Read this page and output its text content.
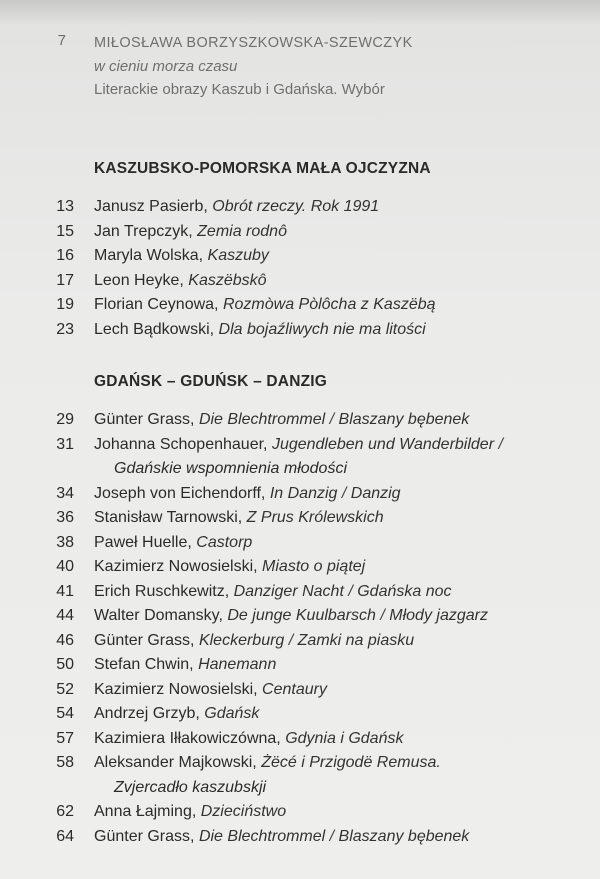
7 MIŁOSŁAWA BORZYSZKOWSKA-SZEWCZYK
w cieniu morza czasu
Literackie obrazy Kaszub i Gdańska. Wybór
KASZUBSKO-POMORSKA MAŁA OJCZYZNA
13 Janusz Pasierb, Obrót rzeczy. Rok 1991
15 Jan Trepczyk, Zemia rodnô
16 Maryla Wolska, Kaszuby
17 Leon Heyke, Kaszëbskô
19 Florian Ceynowa, Rozmòwa Pòlôcha z Kaszëbą
23 Lech Bądkowski, Dla bojaźliwych nie ma litości
GDAŃSK – GDUŃSK – DANZIG
29 Günter Grass, Die Blechtrommel / Blaszany bębenek
31 Johanna Schopenhauer, Jugendleben und Wanderbilder /
Gdańskie wspomnienia młodości
34 Joseph von Eichendorff, In Danzig / Danzig
36 Stanisław Tarnowski, Z Prus Królewskich
38 Paweł Huelle, Castorp
40 Kazimierz Nowosielski, Miasto o piątej
41 Erich Ruschkewitz, Danziger Nacht / Gdańska noc
44 Walter Domansky, De junge Kuulbarsch / Młody jazgarz
46 Günter Grass, Kleckerburg / Zamki na piasku
50 Stefan Chwin, Hanemann
52 Kazimierz Nowosielski, Centaury
54 Andrzej Grzyb, Gdańsk
57 Kazimiera Iłłakowiczówna, Gdynia i Gdańsk
58 Aleksander Majkowski, Żëcé i Przigodë Remusa.
Zvjercadło kaszubskji
62 Anna Łajming, Dzieciństwo
64 Günter Grass, Die Blechtrommel / Blaszany bębenek
